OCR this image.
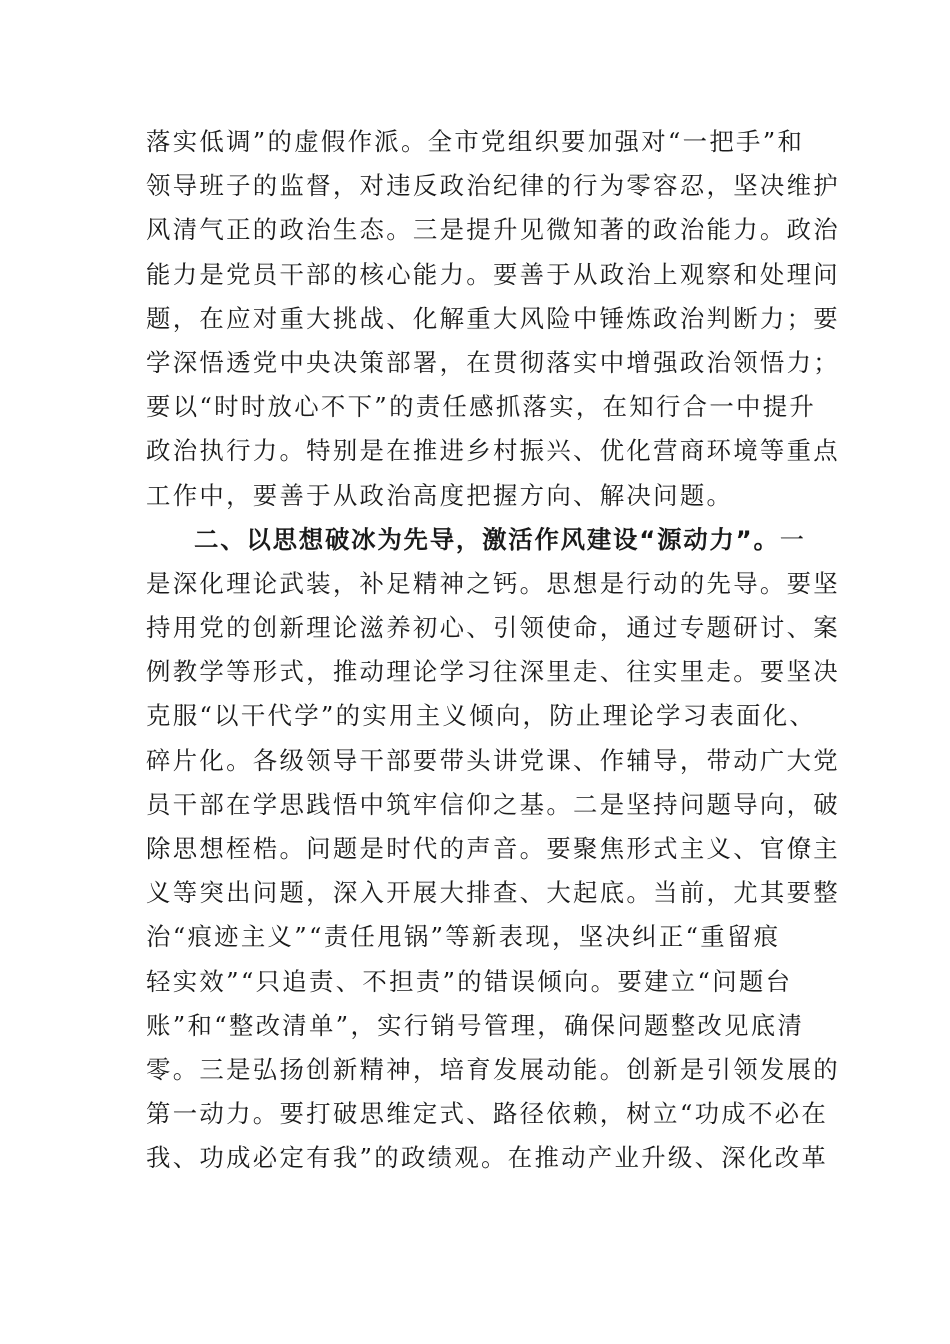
落实低调”的虚假作派。全市党组织要加强对“一把手”和
领导班子的监督，对违反政治纪律的行为零容忍，坚决维护
风清气正的政治生态。三是提升见微知著的政治能力。政治
能力是党员干部的核心能力。要善于从政治上观察和处理问
题，在应对重大挑战、化解重大风险中锤炼政治判断力；要
学深悟透党中央决策部署，在贯彻落实中增强政治领悟力；
要以“时时放心不下”的责任感抓落实，在知行合一中提升
政治执行力。特别是在推进乡村振兴、优化营商环境等重点
工作中，要善于从政治高度把握方向、解决问题。
二、以思想破冰为先导，激活作风建设“源动力”。一
是深化理论武装，补足精神之钙。思想是行动的先导。要坚
持用党的创新理论滋养初心、引领使命，通过专题研讨、案
例教学等形式，推动理论学习往深里走、往实里走。要坚决
克服“以干代学”的实用主义倾向，防止理论学习表面化、
碎片化。各级领导干部要带头讲党课、作辅导，带动广大党
员干部在学思践悟中筑牢信仰之基。二是坚持问题导向，破
除思想桎梏。问题是时代的声音。要聚焦形式主义、官僚主
义等突出问题，深入开展大排查、大起底。当前，尤其要整
治“痕迹主义”“责任甩锅”等新表现，坚决纠正“重留痕
轻实效”“只追责、不担责”的错误倾向。要建立“问题台
账”和“整改清单”，实行销号管理，确保问题整改见底清
零。三是弘扬创新精神，培育发展动能。创新是引领发展的
第一动力。要打破思维定式、路径依赖，树立“功成不必在
我、功成必定有我”的政绩观。在推动产业升级、深化改革
